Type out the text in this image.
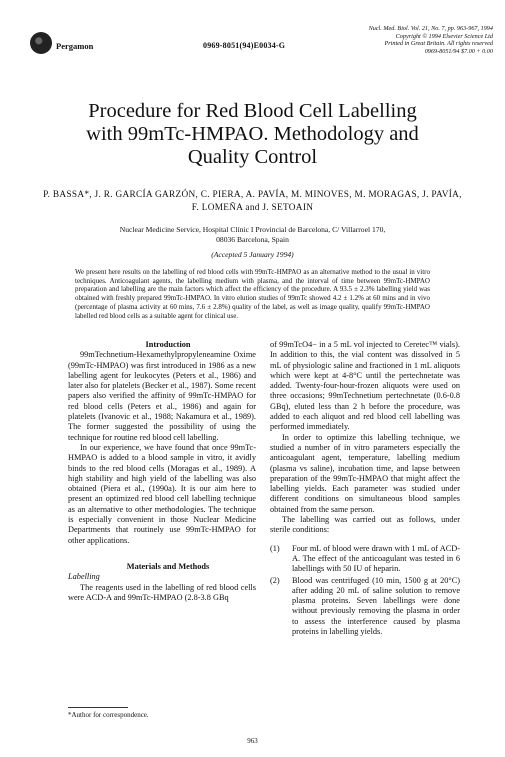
Pergamon	0969-8051(94)E0034-G
Nucl. Med. Biol. Vol. 21, No. 7, pp. 963-967, 1994
Copyright © 1994 Elsevier Science Ltd
Printed in Great Britain. All rights reserved
0969-8051/94 $7.00 + 0.00
Procedure for Red Blood Cell Labelling
with 99mTc-HMPAO. Methodology and
Quality Control
P. BASSA*, J. R. GARCÍA GARZÓN, C. PIERA, A. PAVÍA, M. MINOVES, M. MORAGAS, J. PAVÍA, F. LOMEÑA and J. SETOAIN
Nuclear Medicine Service, Hospital Clínic I Provincial de Barcelona, C/ Villarroel 170,
08036 Barcelona, Spain
(Accepted 5 January 1994)
We present here results on the labelling of red blood cells with 99mTc-HMPAO as an alternative method to the usual in vitro techniques. Anticoagulant agents, the labelling medium with plasma, and the interval of time between 99mTc-HMPAO preparation and labelling are the main factors which affect the efficiency of the procedure. A 93.5 ± 2.3% labelling yield was obtained with freshly prepared 99mTc-HMPAO. In vitro elution studies of 99mTc showed 4.2 ± 1.2% at 60 mins and in vivo (percentage of plasma activity at 60 mins, 7.6 ± 2.8%) quality of the label, as well as image quality, qualify 99mTc-HMPAO labelled red blood cells as a suitable agent for clinical use.

Introduction

99mTechnetium-Hexamethylpropyleneamine Oxime (99mTc-HMPAO) was first introduced in 1986 as a new labelling agent for leukocytes (Peters et al., 1986) and later also for platelets (Becker et al., 1987). Some recent papers also verified the affinity of 99mTc-HMPAO for red blood cells (Peters et al., 1986) and again for platelets (Ivanovic et al., 1988; Nakamura et al., 1989). The former suggested the possibility of using the technique for routine red blood cell labelling.

In our experience, we have found that once 99mTc-HMPAO is added to a blood sample in vitro, it avidly binds to the red blood cells (Moragas et al., 1989). A high stability and high yield of the labelling was also obtained (Piera et al., (1990a). It is our aim here to present an optimized red blood cell labelling technique as an alternative to other methodologies. The technique is especially convenient in those Nuclear Medicine Departments that routinely use 99mTc-HMPAO for other applications.

Materials and Methods

Labelling

The reagents used in the labelling of red blood cells were ACD-A and 99mTc-HMPAO (2.8-3.8 GBq

of 99mTcO4− in a 5 mL vol injected to Ceretec™ vials). In addition to this, the vial content was dissolved in 5 mL of physiologic saline and fractioned in 1 mL aliquots which were kept at 4-8°C until the pertechnetate was added. Twenty-four-hour-frozen aliquots were used on three occasions; 99mTechnetium pertechnetate (0.6-0.8 GBq), eluted less than 2 h before the procedure, was added to each aliquot and red blood cell labelling was performed immediately.

In order to optimize this labelling technique, we studied a number of in vitro parameters especially the anticoagulant agent, temperature, labelling medium (plasma vs saline), incubation time, and lapse between preparation of the 99mTc-HMPAO that might affect the labelling yields. Each parameter was studied under different conditions on simultaneous blood samples obtained from the same person.

The labelling was carried out as follows, under sterile conditions:

(1) Four mL of blood were drawn with 1 mL of ACD-A. The effect of the anticoagulant was tested in 6 labellings with 50 IU of heparin.
(2) Blood was centrifuged (10 min, 1500 g at 20°C) after adding 20 mL of saline solution to remove plasma proteins. Seven labellings were done without previously removing the plasma in order to assess the interference caused by plasma proteins in labelling yields.
*Author for correspondence.
963
